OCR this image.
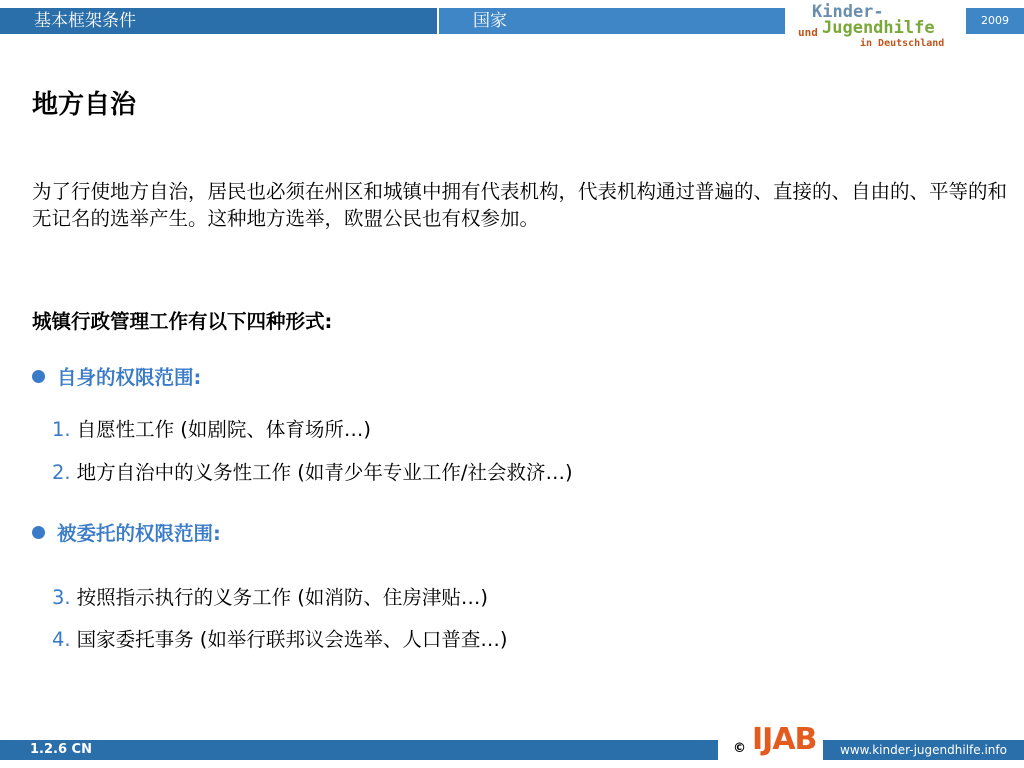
基本框架条件	国家	Kinder-
und Jugendhilfe
in Deutschland
2009
地方自治

为了行使地方自治，居民也必须在州区和城镇中拥有代表机构，代表机构通过普遍的、直接的、自由的、平等的和无记名的选举产生。这种地方选举，欧盟公民也有权参加。

城镇行政管理工作有以下四种形式:

自身的权限范围:

1. 自愿性工作 (如剧院、体育场所…)

2. 地方自治中的义务性工作 (如青少年专业工作/社会救济…)

被委托的权限范围:

3. 按照指示执行的义务工作 (如消防、住房津贴…)

4. 国家委托事务 (如举行联邦议会选举、人口普查…)

1.2.6 CN	© IJAB	www.kinder-jugendhilfe.info
